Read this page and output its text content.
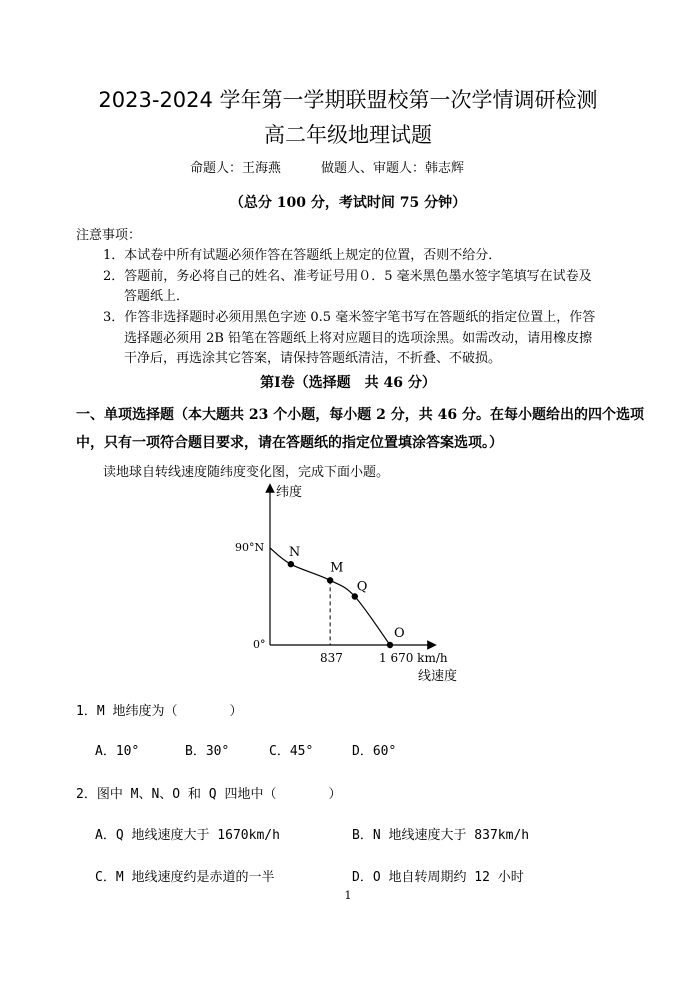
2023-2024 学年第一学期联盟校第一次学情调研检测
高二年级地理试题
命题人：王海燕	做题人、审题人：韩志辉
（总分 100 分，考试时间 75 分钟）
注意事项：
1．本试卷中所有试题必须作答在答题纸上规定的位置，否则不给分．
2．答题前，务必将自己的姓名、准考证号用０．5 毫米黑色墨水签字笔填写在试卷及
答题纸上．
3．作答非选择题时必须用黑色字迹 0.5 毫米签字笔书写在答题纸的指定位置上，作答
选择题必须用 2B 铅笔在答题纸上将对应题目的选项涂黑。如需改动，请用橡皮擦
干净后，再选涂其它答案，请保持答题纸清洁，不折叠、不破损。
第Ⅰ卷（选择题　共 46 分）
一、单项选择题（本大题共 23 个小题，每小题 2 分，共 46 分。在每小题给出的四个选项
中，只有一项符合题目要求，请在答题纸的指定位置填涂答案选项。）
读地球自转线速度随纬度变化图，完成下面小题。
纬度
线速度
90°N
0°
837	1 670 km/h
N
M
Q
O
1．M 地纬度为（　　　　）
A．10°	B．30°	C．45°	D．60°
2．图中 M、N、O 和 Q 四地中（　　　　）
A．Q 地线速度大于 1670km/h	B．N 地线速度大于 837km/h
C．M 地线速度约是赤道的一半	D．O 地自转周期约 12 小时
1
